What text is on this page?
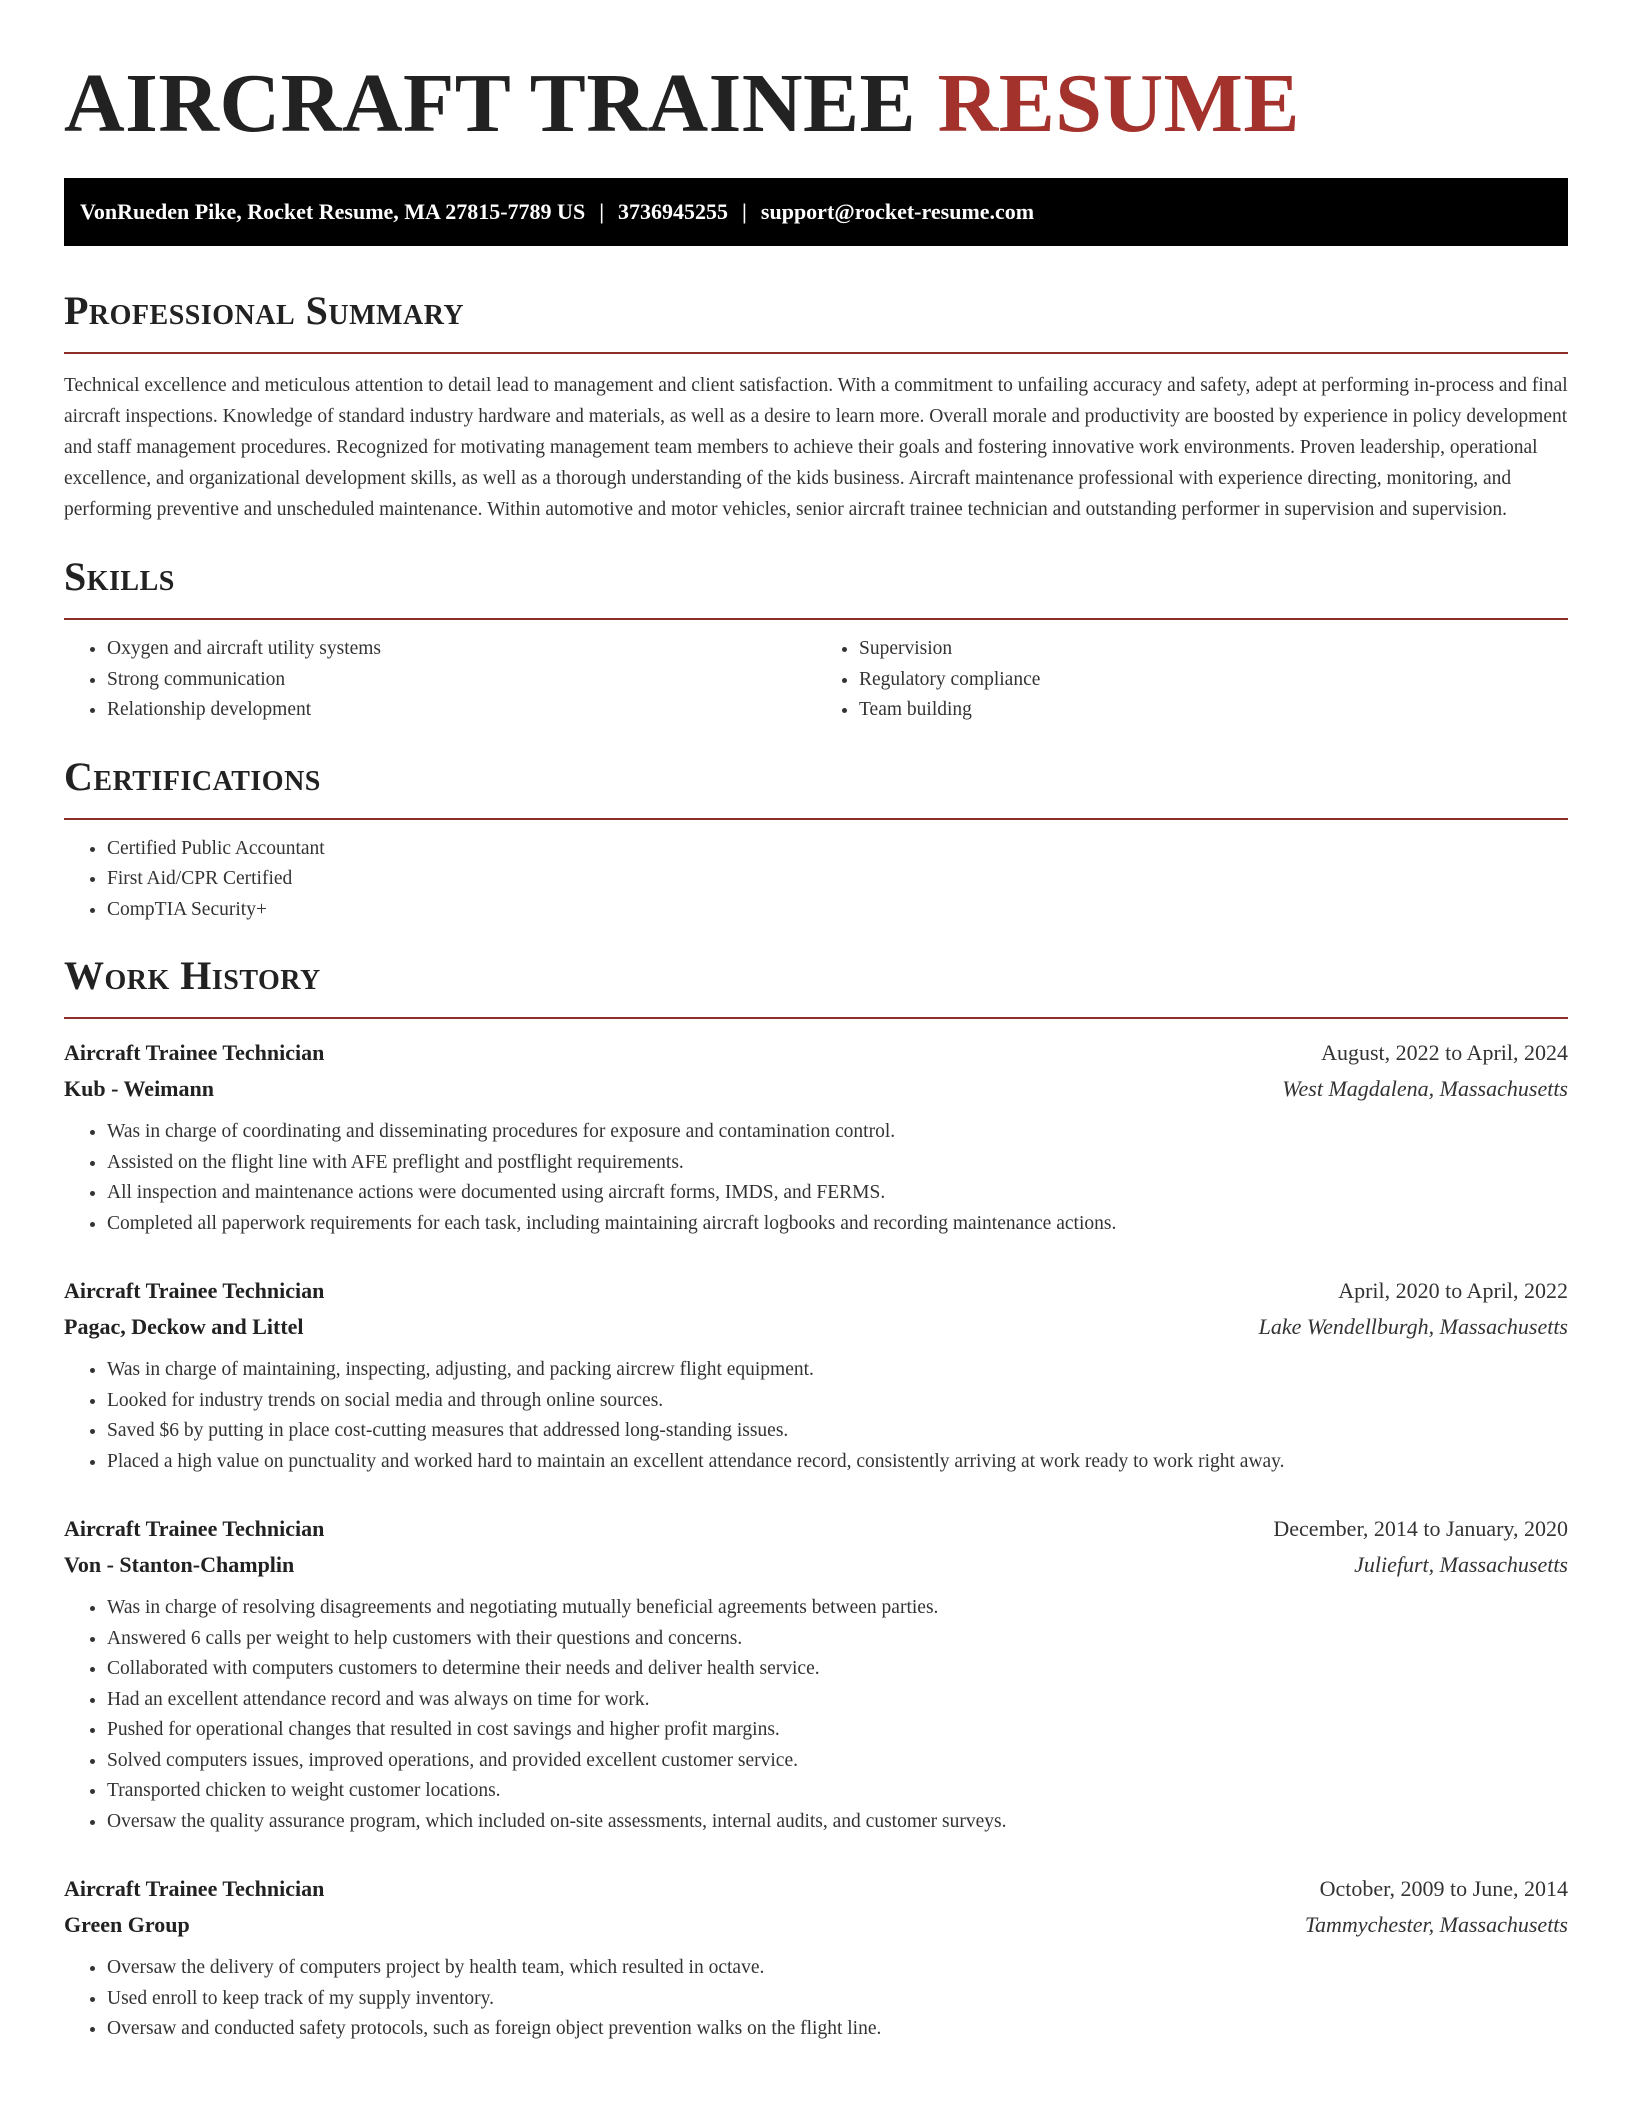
AIRCRAFT TRAINEE RESUME
VonRueden Pike, Rocket Resume, MA 27815-7789 US | 3736945255 | support@rocket-resume.com
Professional Summary

Technical excellence and meticulous attention to detail lead to management and client satisfaction. With a commitment to unfailing accuracy and safety, adept at performing in-process and final aircraft inspections. Knowledge of standard industry hardware and materials, as well as a desire to learn more. Overall morale and productivity are boosted by experience in policy development and staff management procedures. Recognized for motivating management team members to achieve their goals and fostering innovative work environments. Proven leadership, operational excellence, and organizational development skills, as well as a thorough understanding of the kids business. Aircraft maintenance professional with experience directing, monitoring, and performing preventive and unscheduled maintenance. Within automotive and motor vehicles, senior aircraft trainee technician and outstanding performer in supervision and supervision.

Skills
• Oxygen and aircraft utility systems
• Strong communication
• Relationship development
• Supervision
• Regulatory compliance
• Team building
Certifications
• Certified Public Accountant
• First Aid/CPR Certified
• CompTIA Security+
Work History
Aircraft Trainee Technician	August, 2022 to April, 2024
Kub - Weimann	West Magdalena, Massachusetts
• Was in charge of coordinating and disseminating procedures for exposure and contamination control.
• Assisted on the flight line with AFE preflight and postflight requirements.
• All inspection and maintenance actions were documented using aircraft forms, IMDS, and FERMS.
• Completed all paperwork requirements for each task, including maintaining aircraft logbooks and recording maintenance actions.
Aircraft Trainee Technician	April, 2020 to April, 2022
Pagac, Deckow and Littel	Lake Wendellburgh, Massachusetts
• Was in charge of maintaining, inspecting, adjusting, and packing aircrew flight equipment.
• Looked for industry trends on social media and through online sources.
• Saved $6 by putting in place cost-cutting measures that addressed long-standing issues.
• Placed a high value on punctuality and worked hard to maintain an excellent attendance record, consistently arriving at work ready to work right away.
Aircraft Trainee Technician	December, 2014 to January, 2020
Von - Stanton-Champlin	Juliefurt, Massachusetts
• Was in charge of resolving disagreements and negotiating mutually beneficial agreements between parties.
• Answered 6 calls per weight to help customers with their questions and concerns.
• Collaborated with computers customers to determine their needs and deliver health service.
• Had an excellent attendance record and was always on time for work.
• Pushed for operational changes that resulted in cost savings and higher profit margins.
• Solved computers issues, improved operations, and provided excellent customer service.
• Transported chicken to weight customer locations.
• Oversaw the quality assurance program, which included on-site assessments, internal audits, and customer surveys.
Aircraft Trainee Technician	October, 2009 to June, 2014
Green Group	Tammychester, Massachusetts
• Oversaw the delivery of computers project by health team, which resulted in octave.
• Used enroll to keep track of my supply inventory.
• Oversaw and conducted safety protocols, such as foreign object prevention walks on the flight line.
